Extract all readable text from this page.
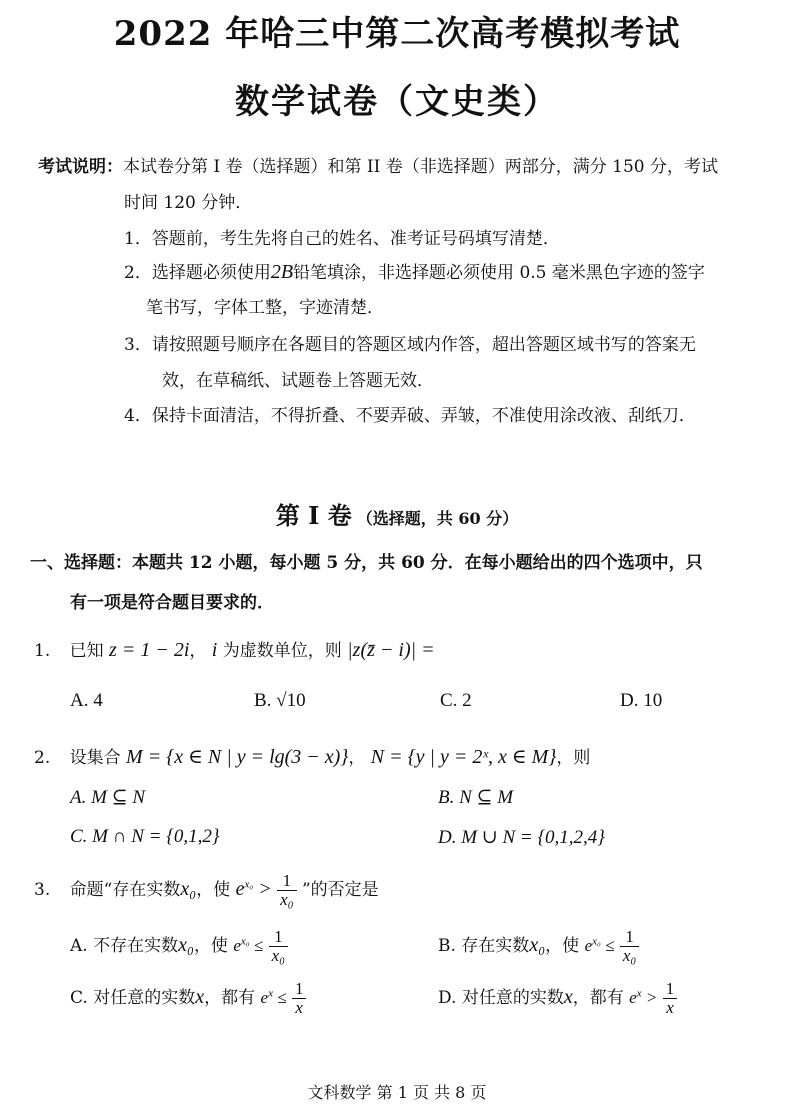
2022 年哈三中第二次高考模拟考试
数学试卷（文史类）
考试说明：本试卷分第 I 卷（选择题）和第 II 卷（非选择题）两部分，满分 150 分，考试
时间 120 分钟．
1．答题前，考生先将自己的姓名、准考证号码填写清楚．
2．选择题必须使用2B铅笔填涂，非选择题必须使用 0.5 毫米黑色字迹的签字
笔书写，字体工整，字迹清楚．
3．请按照题号顺序在各题目的答题区域内作答，超出答题区域书写的答案无
效，在草稿纸、试题卷上答题无效．
4．保持卡面清洁，不得折叠、不要弄破、弄皱，不准使用涂改液、刮纸刀．
第 I 卷 （选择题，共 60 分）
一、选择题：本题共 12 小题，每小题 5 分，共 60 分．在每小题给出的四个选项中，只
有一项是符合题目要求的．
1. 已知 z = 1 − 2i， i 为虚数单位，则 |z(z̄ − i)| =
A. 4	B. √10	C. 2	D. 10
2. 设集合 M = {x ∈ N | y = lg(3 − x)}， N = {y | y = 2ˣ, x ∈ M}，则
A. M ⊆ N	B. N ⊆ M
C. M ∩ N = {0,1,2}	D. M ∪ N = {0,1,2,4}
3. 命题“存在实数x₀，使 $e^{x_0} > \frac{1}{\text{x₀}}$ ”的否定是
A. 不存在实数x₀，使 $e^{x_0} \le \frac{1}{\text{x₀}}$	B. 存在实数x₀，使 $e^{x_0} \le \frac{1}{\text{x₀}}$
C. 对任意的实数x，都有 $e^x \le \frac{1}{x}$	D. 对任意的实数x，都有 $e^x > \frac{1}{x}$
文科数学 第 1 页 共 8 页
